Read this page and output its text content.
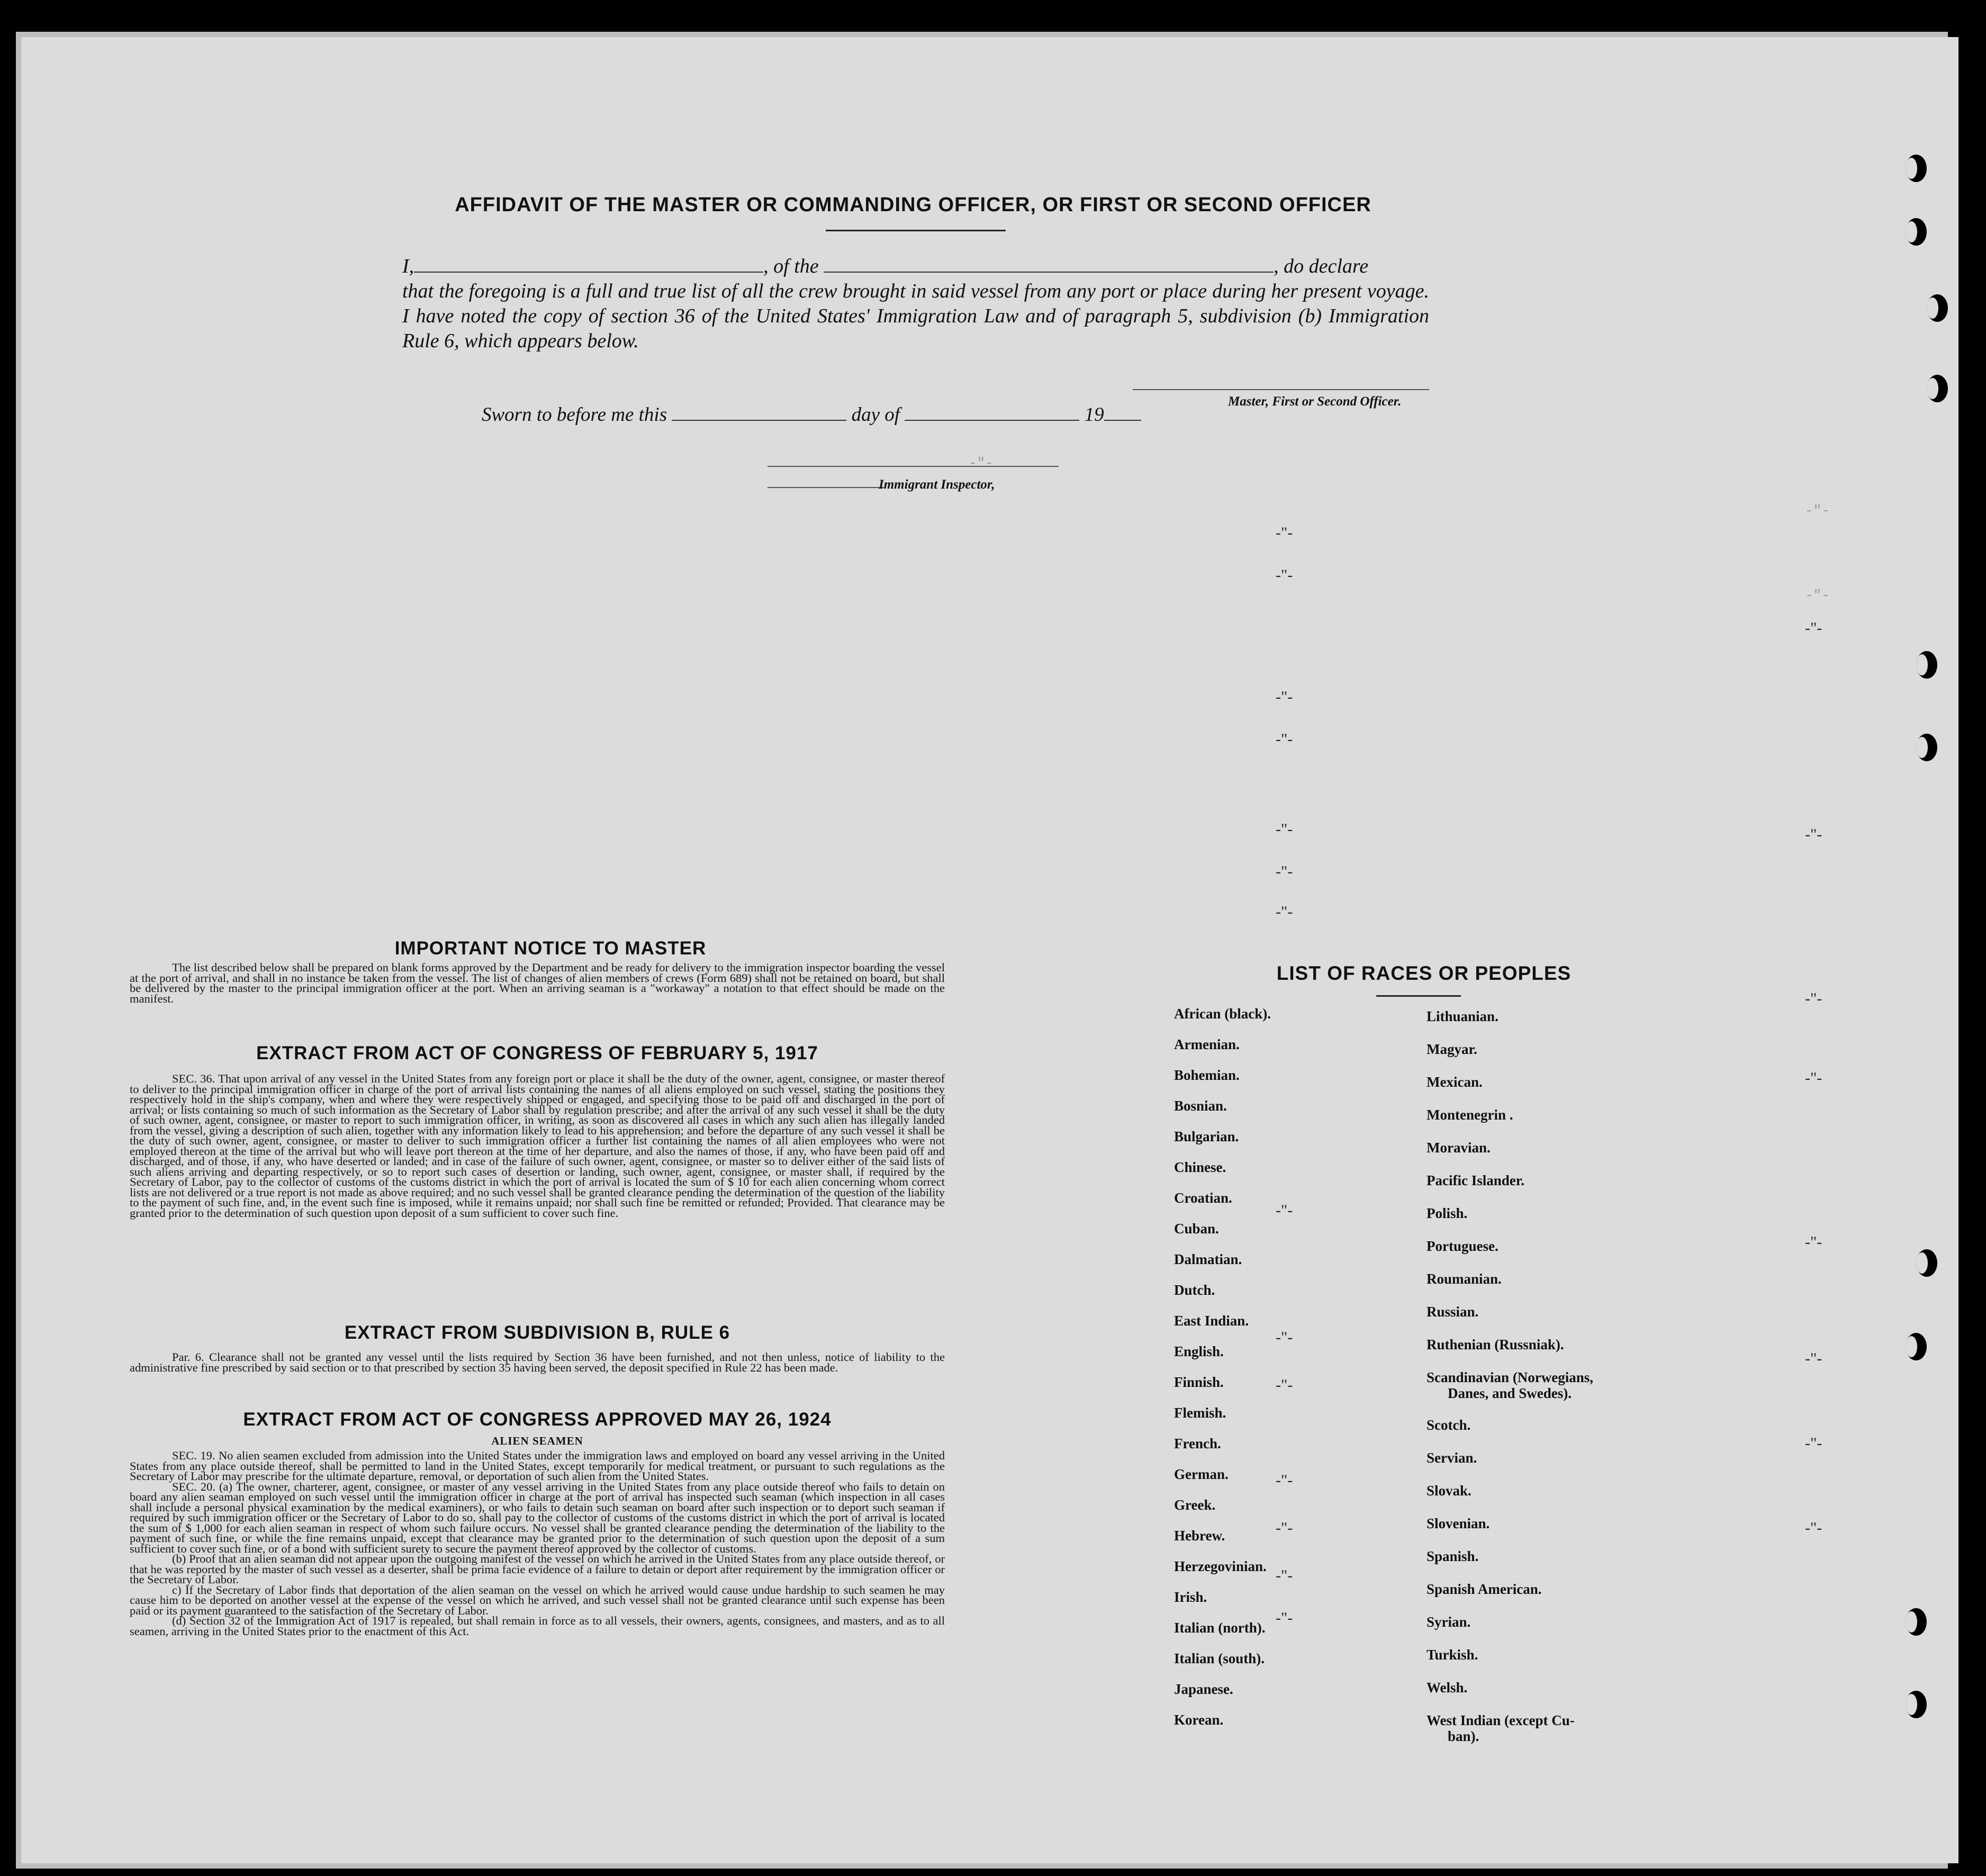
-"-
-"-
-"-
AFFIDAVIT OF THE MASTER OR COMMANDING OFFICER, OR FIRST OR SECOND OFFICER
I,	, of the	, do declare
that the foregoing is a full and true list of all the crew brought in said vessel from any port or place during her present voyage. I have noted the copy of section 36 of the United States' Immigration Law and of paragraph 5, subdivision (b) Immigration Rule 6, which appears below.
Master, First or Second Officer.
Sworn to before me this	day of	19
Immigrant Inspector,
IMPORTANT NOTICE TO MASTER

The list described below shall be prepared on blank forms approved by the Department and be ready for delivery to the immigration inspector boarding the vessel at the port of arrival, and shall in no instance be taken from the vessel. The list of changes of alien members of crews (Form 689) shall not be retained on board, but shall be delivered by the master to the principal immigration officer at the port. When an arriving seaman is a "workaway" a notation to that effect should be made on the manifest.

EXTRACT FROM ACT OF CONGRESS OF FEBRUARY 5, 1917

SEC. 36. That upon arrival of any vessel in the United States from any foreign port or place it shall be the duty of the owner, agent, consignee, or master thereof to deliver to the principal immigration officer in charge of the port of arrival lists containing the names of all aliens employed on such vessel, stating the positions they respectively hold in the ship's company, when and where they were respectively shipped or engaged, and specifying those to be paid off and discharged in the port of arrival; or lists containing so much of such information as the Secretary of Labor shall by regulation prescribe; and after the arrival of any such vessel it shall be the duty of such owner, agent, consignee, or master to report to such immigration officer, in writing, as soon as discovered all cases in which any such alien has illegally landed from the vessel, giving a description of such alien, together with any information likely to lead to his apprehension; and before the departure of any such vessel it shall be the duty of such owner, agent, consignee, or master to deliver to such immigration officer a further list containing the names of all alien employees who were not employed thereon at the time of the arrival but who will leave port thereon at the time of her departure, and also the names of those, if any, who have been paid off and discharged, and of those, if any, who have deserted or landed; and in case of the failure of such owner, agent, consignee, or master so to deliver either of the said lists of such aliens arriving and departing respectively, or so to report such cases of desertion or landing, such owner, agent, consignee, or master shall, if required by the Secretary of Labor, pay to the collector of customs of the customs district in which the port of arrival is located the sum of $ 10 for each alien concerning whom correct lists are not delivered or a true report is not made as above required; and no such vessel shall be granted clearance pending the determination of the question of the liability to the payment of such fine, and, in the event such fine is imposed, while it remains unpaid; nor shall such fine be remitted or refunded; Provided. That clearance may be granted prior to the determination of such question upon deposit of a sum sufficient to cover such fine.

EXTRACT FROM SUBDIVISION B, RULE 6

Par. 6. Clearance shall not be granted any vessel until the lists required by Section 36 have been furnished, and not then unless, notice of liability to the administrative fine prescribed by said section or to that prescribed by section 35 having been served, the deposit specified in Rule 22 has been made.

EXTRACT FROM ACT OF CONGRESS APPROVED MAY 26, 1924
ALIEN SEAMEN

SEC. 19. No alien seamen excluded from admission into the United States under the immigration laws and employed on board any vessel arriving in the United States from any place outside thereof, shall be permitted to land in the United States, except temporarily for medical treatment, or pursuant to such regulations as the Secretary of Labor may prescribe for the ultimate departure, removal, or deportation of such alien from the United States.

SEC. 20. (a) The owner, charterer, agent, consignee, or master of any vessel arriving in the United States from any place outside thereof who fails to detain on board any alien seaman employed on such vessel until the immigration officer in charge at the port of arrival has inspected such seaman (which inspection in all cases shall include a personal physical examination by the medical examiners), or who fails to detain such seaman on board after such inspection or to deport such seaman if required by such immigration officer or the Secretary of Labor to do so, shall pay to the collector of customs of the customs district in which the port of arrival is located the sum of $ 1,000 for each alien seaman in respect of whom such failure occurs. No vessel shall be granted clearance pending the determination of the liability to the payment of such fine, or while the fine remains unpaid, except that clearance may be granted prior to the determination of such question upon the deposit of a sum sufficient to cover such fine, or of a bond with sufficient surety to secure the payment thereof approved by the collector of customs.

(b) Proof that an alien seaman did not appear upon the outgoing manifest of the vessel on which he arrived in the United States from any place outside thereof, or that he was reported by the master of such vessel as a deserter, shall be prima facie evidence of a failure to detain or deport after requirement by the immigration officer or the Secretary of Labor.

c) If the Secretary of Labor finds that deportation of the alien seaman on the vessel on which he arrived would cause undue hardship to such seamen he may cause him to be deported on another vessel at the expense of the vessel on which he arrived, and such vessel shall not be granted clearance until such expense has been paid or its payment guaranteed to the satisfaction of the Secretary of Labor.

(d) Section 32 of the Immigration Act of 1917 is repealed, but shall remain in force as to all vessels, their owners, agents, consignees, and masters, and as to all seamen, arriving in the United States prior to the enactment of this Act.

LIST OF RACES OR PEOPLES
African (black).
Armenian.
Bohemian.
Bosnian.
Bulgarian.
Chinese.
Croatian.
Cuban.
Dalmatian.
Dutch.
East Indian.
English.
Finnish.
Flemish.
French.
German.
Greek.
Hebrew.
Herzegovinian.
Irish.
Italian (north).
Italian (south).
Japanese.
Korean.
Lithuanian.
Magyar.
Mexican.
Montenegrin .
Moravian.
Pacific Islander.
Polish.
Portuguese.
Roumanian.
Russian.
Ruthenian (Russniak).
Scandinavian (Norwegians,
Danes, and Swedes).
Scotch.
Servian.
Slovak.
Slovenian.
Spanish.
Spanish American.
Syrian.
Turkish.
Welsh.
West Indian (except Cu-
ban).
-"-
-"-
-"-
-"-
-"-
-"-
-"-
-"-
-"-
-"-
-"-
-"-
-"-
-"-
-"-
-"-
-"-
-"-
-"-
-"-
-"-
-"-
